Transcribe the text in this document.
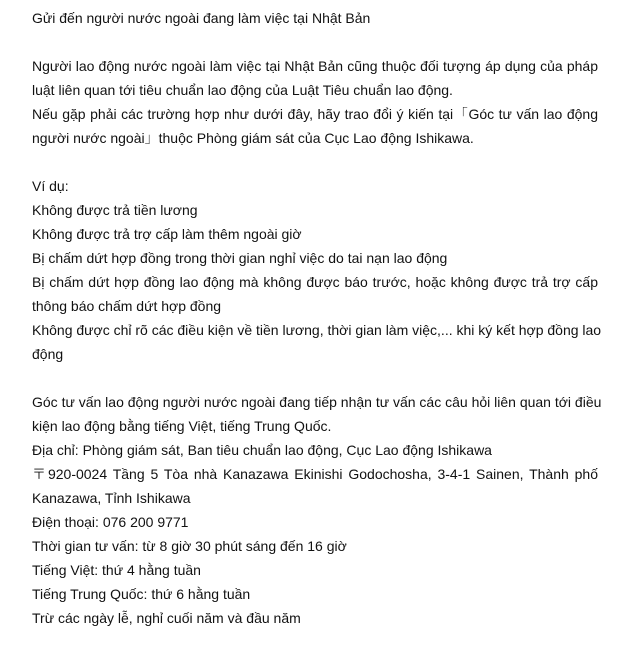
Gửi đến người nước ngoài đang làm việc tại Nhật Bản
Người lao động nước ngoài làm việc tại Nhật Bản cũng thuộc đối tượng áp dụng của pháp
luật liên quan tới tiêu chuẩn lao động của Luật Tiêu chuẩn lao động.
Nếu gặp phải các trường hợp như dưới đây, hãy trao đổi ý kiến tại「Góc tư vấn lao động
người nước ngoài」thuộc Phòng giám sát của Cục Lao động Ishikawa.
Ví dụ:
Không được trả tiền lương
Không được trả trợ cấp làm thêm ngoài giờ
Bị chấm dứt hợp đồng trong thời gian nghỉ việc do tai nạn lao động
Bị chấm dứt hợp đồng lao động mà không được báo trước, hoặc không được trả trợ cấp
thông báo chấm dứt hợp đồng
Không được chỉ rõ các điều kiện về tiền lương, thời gian làm việc,... khi ký kết hợp đồng lao
động
Góc tư vấn lao động người nước ngoài đang tiếp nhận tư vấn các câu hỏi liên quan tới điều
kiện lao động bằng tiếng Việt, tiếng Trung Quốc.
Địa chỉ: Phòng giám sát, Ban tiêu chuẩn lao động, Cục Lao động Ishikawa
〒920-0024 Tầng 5 Tòa nhà Kanazawa Ekinishi Godochosha, 3-4-1 Sainen, Thành phố
Kanazawa, Tỉnh Ishikawa
Điện thoại: 076 200 9771
Thời gian tư vấn: từ 8 giờ 30 phút sáng đến 16 giờ
Tiếng Việt: thứ 4 hằng tuần
Tiếng Trung Quốc: thứ 6 hằng tuần
Trừ các ngày lễ, nghỉ cuối năm và đầu năm
